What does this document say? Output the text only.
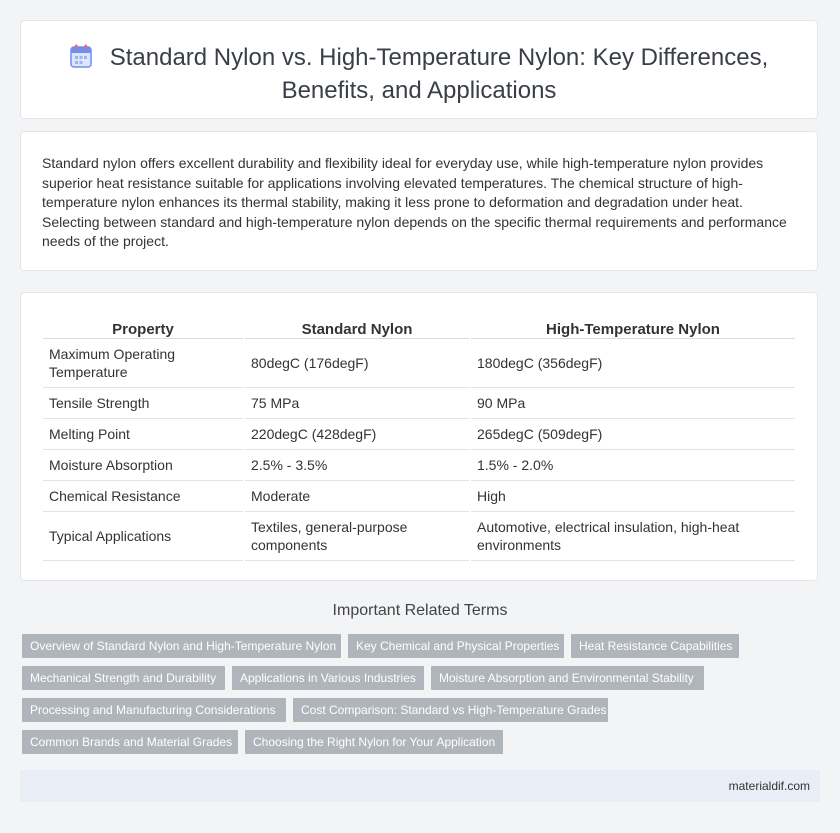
Standard Nylon vs. High-Temperature Nylon: Key Differences, Benefits, and Applications
Standard nylon offers excellent durability and flexibility ideal for everyday use, while high-temperature nylon provides superior heat resistance suitable for applications involving elevated temperatures. The chemical structure of high-temperature nylon enhances its thermal stability, making it less prone to deformation and degradation under heat. Selecting between standard and high-temperature nylon depends on the specific thermal requirements and performance needs of the project.
Property	Standard Nylon	High-Temperature Nylon
Maximum Operating Temperature	80degC (176degF)	180degC (356degF)
Tensile Strength	75 MPa	90 MPa
Melting Point	220degC (428degF)	265degC (509degF)
Moisture Absorption	2.5% - 3.5%	1.5% - 2.0%
Chemical Resistance	Moderate	High
Typical Applications	Textiles, general-purpose components	Automotive, electrical insulation, high-heat environments
Important Related Terms
Overview of Standard Nylon and High-Temperature Nylon	Key Chemical and Physical Properties	Heat Resistance Capabilities
Mechanical Strength and Durability	Applications in Various Industries	Moisture Absorption and Environmental Stability
Processing and Manufacturing Considerations	Cost Comparison: Standard vs High-Temperature Grades
Common Brands and Material Grades	Choosing the Right Nylon for Your Application
materialdif.com
